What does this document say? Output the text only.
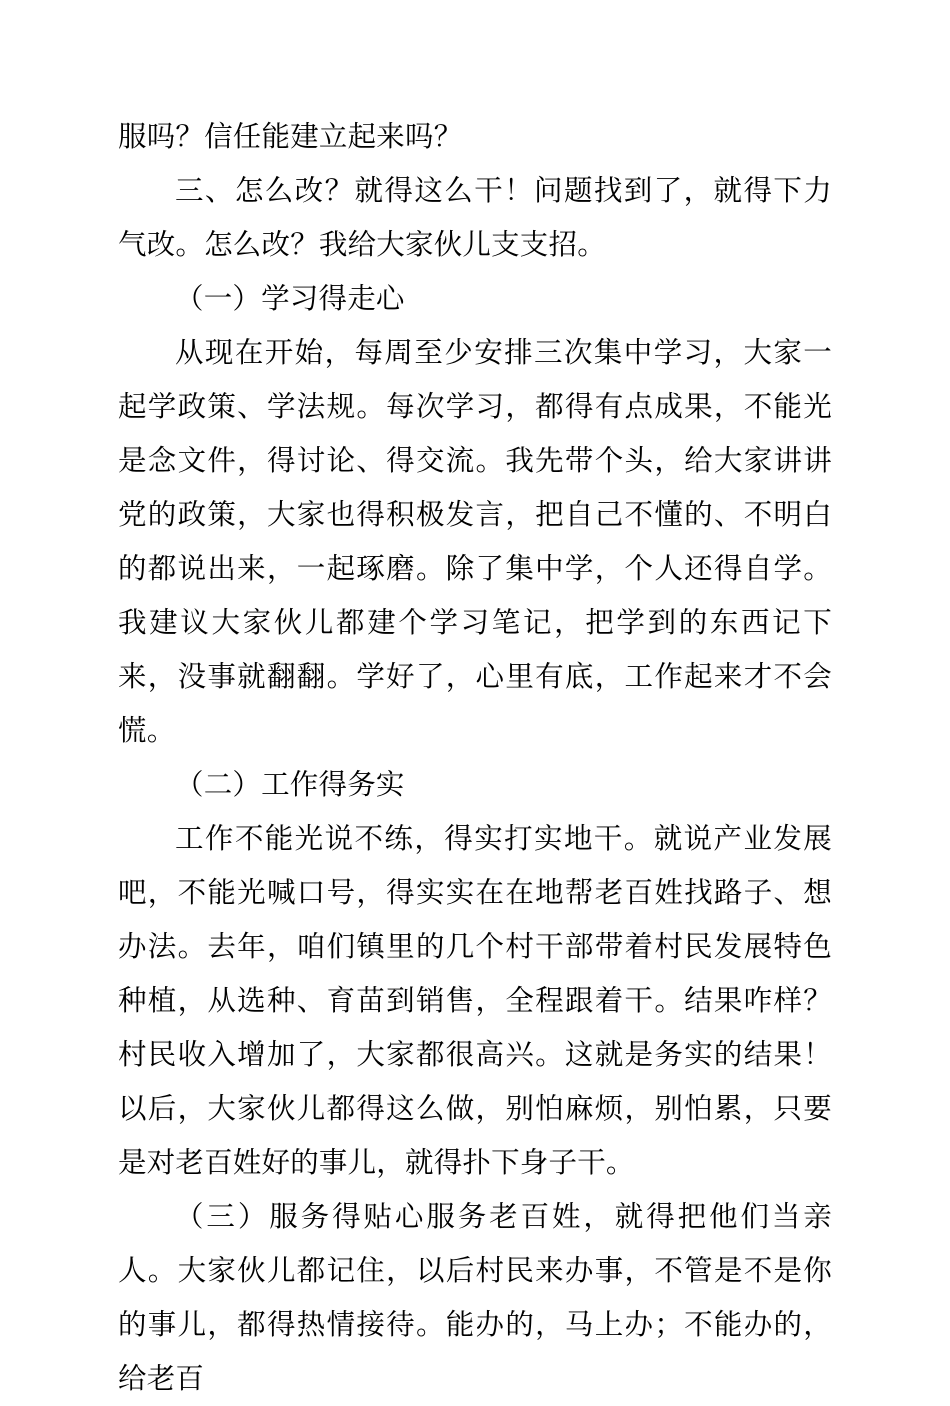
服吗？信任能建立起来吗？

三、怎么改？就得这么干！问题找到了，就得下力气改。怎么改？我给大家伙儿支支招。

（一）学习得走心

从现在开始，每周至少安排三次集中学习，大家一起学政策、学法规。每次学习，都得有点成果，不能光是念文件，得讨论、得交流。我先带个头，给大家讲讲党的政策，大家也得积极发言，把自己不懂的、不明白的都说出来，一起琢磨。除了集中学，个人还得自学。我建议大家伙儿都建个学习笔记，把学到的东西记下来，没事就翻翻。学好了，心里有底，工作起来才不会慌。

（二）工作得务实

工作不能光说不练，得实打实地干。就说产业发展吧，不能光喊口号，得实实在在地帮老百姓找路子、想办法。去年，咱们镇里的几个村干部带着村民发展特色种植，从选种、育苗到销售，全程跟着干。结果咋样？村民收入增加了，大家都很高兴。这就是务实的结果！以后，大家伙儿都得这么做，别怕麻烦，别怕累，只要是对老百姓好的事儿，就得扑下身子干。

（三）服务得贴心服务老百姓，就得把他们当亲人。大家伙儿都记住，以后村民来办事，不管是不是你的事儿，都得热情接待。能办的，马上办；不能办的，给老百
